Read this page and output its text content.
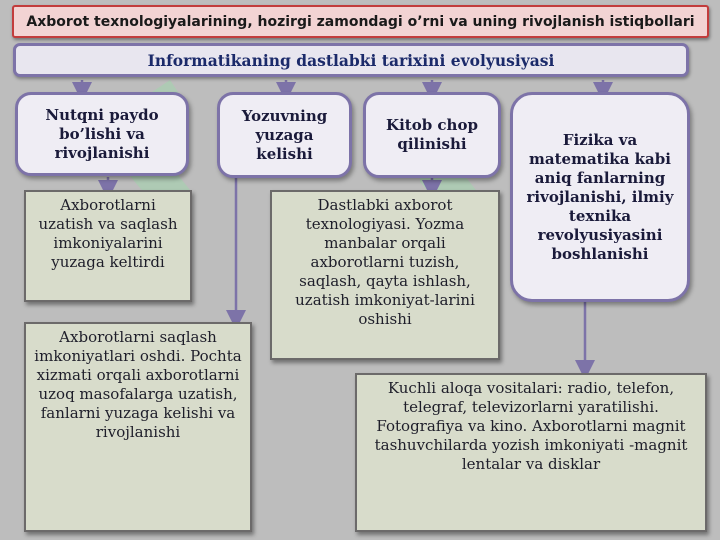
Axborot texnologiyalarining, hozirgi zamondagi o’rni va uning rivojlanish istiqbollari
Informatikaning dastlabki tarixini evolyusiyasi
Nutqni paydo bo’lishi va rivojlanishi
Yozuvning yuzaga kelishi
Kitob chop qilinishi	Fizika va matematika kabi aniq fanlarning rivojlanishi, ilmiy texnika revolyusiyasini boshlanishi
Axborotlarni uzatish va saqlash imkoniyalarini yuzaga keltirdi
Axborotlarni saqlash imkoniyatlari oshdi. Pochta xizmati orqali axborotlarni uzoq masofalarga uzatish, fanlarni yuzaga kelishi va rivojlanishi
Dastlabki axborot texnologiyasi. Yozma manbalar orqali axborotlarni tuzish, saqlash, qayta ishlash, uzatish imkoniyat-larini oshishi
Kuchli aloqa vositalari: radio, telefon, telegraf, televizorlarni yaratilishi. Fotografiya va kino. Axborotlarni magnit tashuvchilarda yozish imkoniyati -magnit lentalar va disklar
